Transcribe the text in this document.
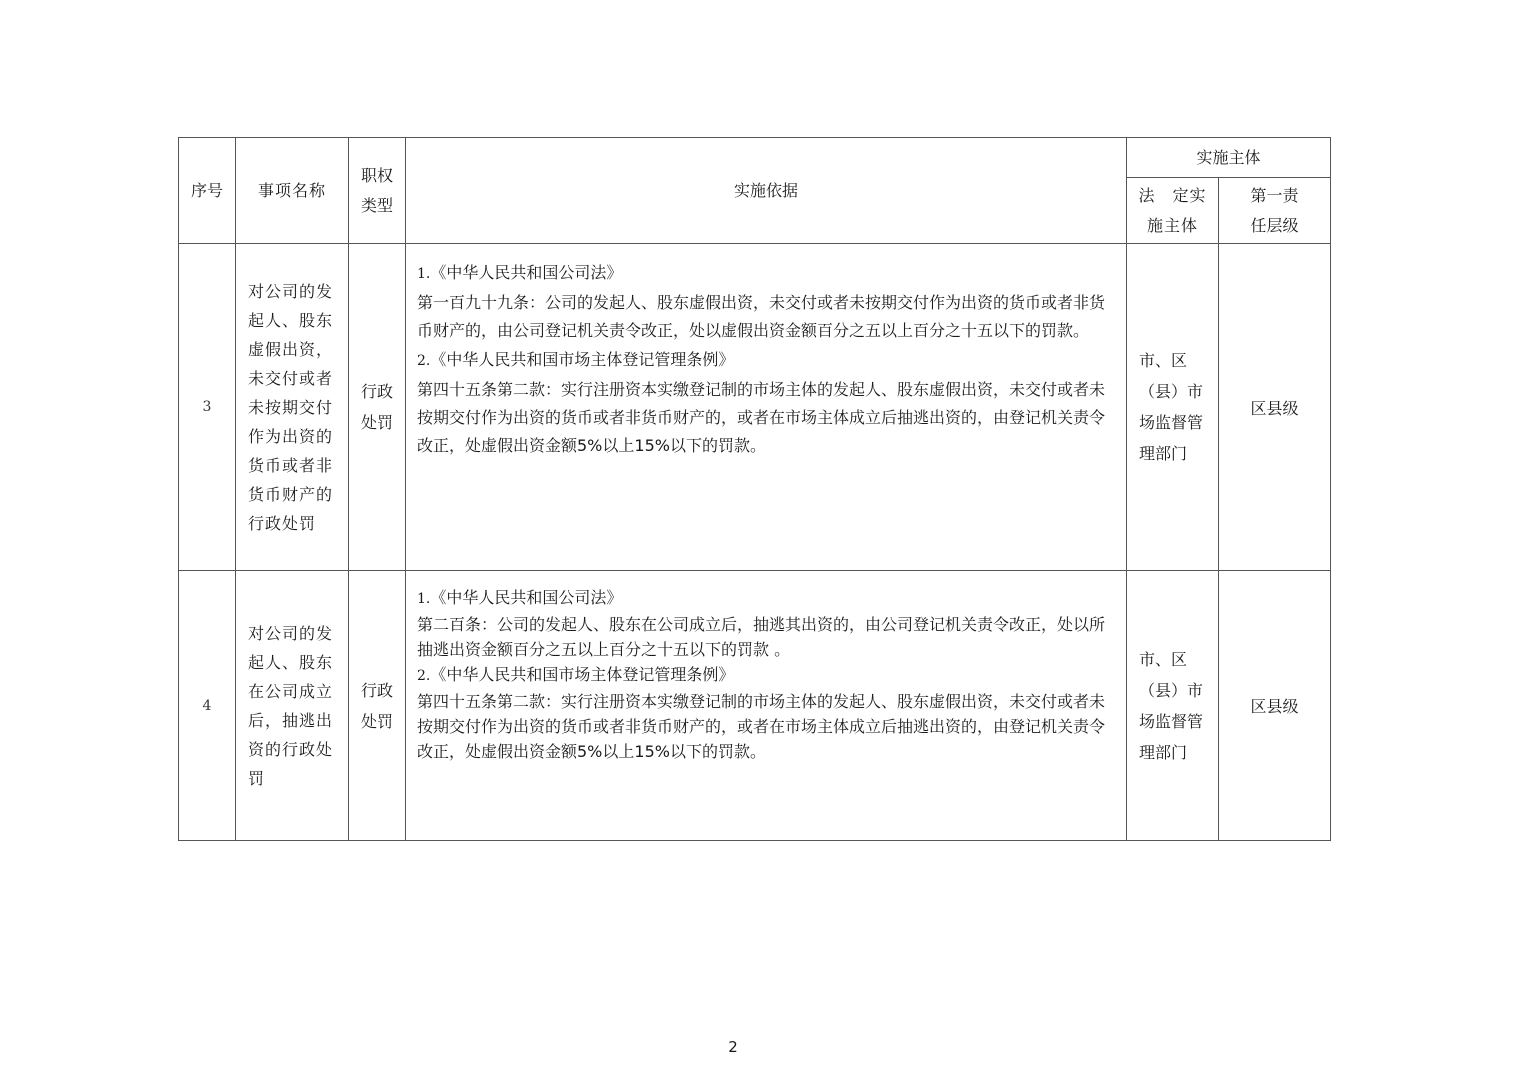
序号	事项名称	职权类型	实施依据	实施主体	
				法　定实施主体	第一责任层级
3	对公司的发起人、股东虚假出资，未交付或者未按期交付作为出资的货币或者非货币财产的行政处罚	行政处罚	1.《中华人民共和国公司法》
第一百九十九条：公司的发起人、股东虚假出资，未交付或者未按期交付作为出资的货币或者非货币财产的，由公司登记机关责令改正，处以虚假出资金额百分之五以上百分之十五以下的罚款。
2.《中华人民共和国市场主体登记管理条例》
第四十五条第二款：实行注册资本实缴登记制的市场主体的发起人、股东虚假出资，未交付或者未按期交付作为出资的货币或者非货币财产的，或者在市场主体成立后抽逃出资的，由登记机关责令改正，处虚假出资金额5%以上15%以下的罚款。	市、区（县）市场监督管理部门	区县级
4	对公司的发起人、股东在公司成立后，抽逃出资的行政处罚	行政处罚	1.《中华人民共和国公司法》
第二百条：公司的发起人、股东在公司成立后，抽逃其出资的，由公司登记机关责令改正，处以所抽逃出资金额百分之五以上百分之十五以下的罚款 。
2.《中华人民共和国市场主体登记管理条例》
第四十五条第二款：实行注册资本实缴登记制的市场主体的发起人、股东虚假出资，未交付或者未按期交付作为出资的货币或者非货币财产的，或者在市场主体成立后抽逃出资的，由登记机关责令改正，处虚假出资金额5%以上15%以下的罚款。	市、区（县）市场监督管理部门	区县级
2
